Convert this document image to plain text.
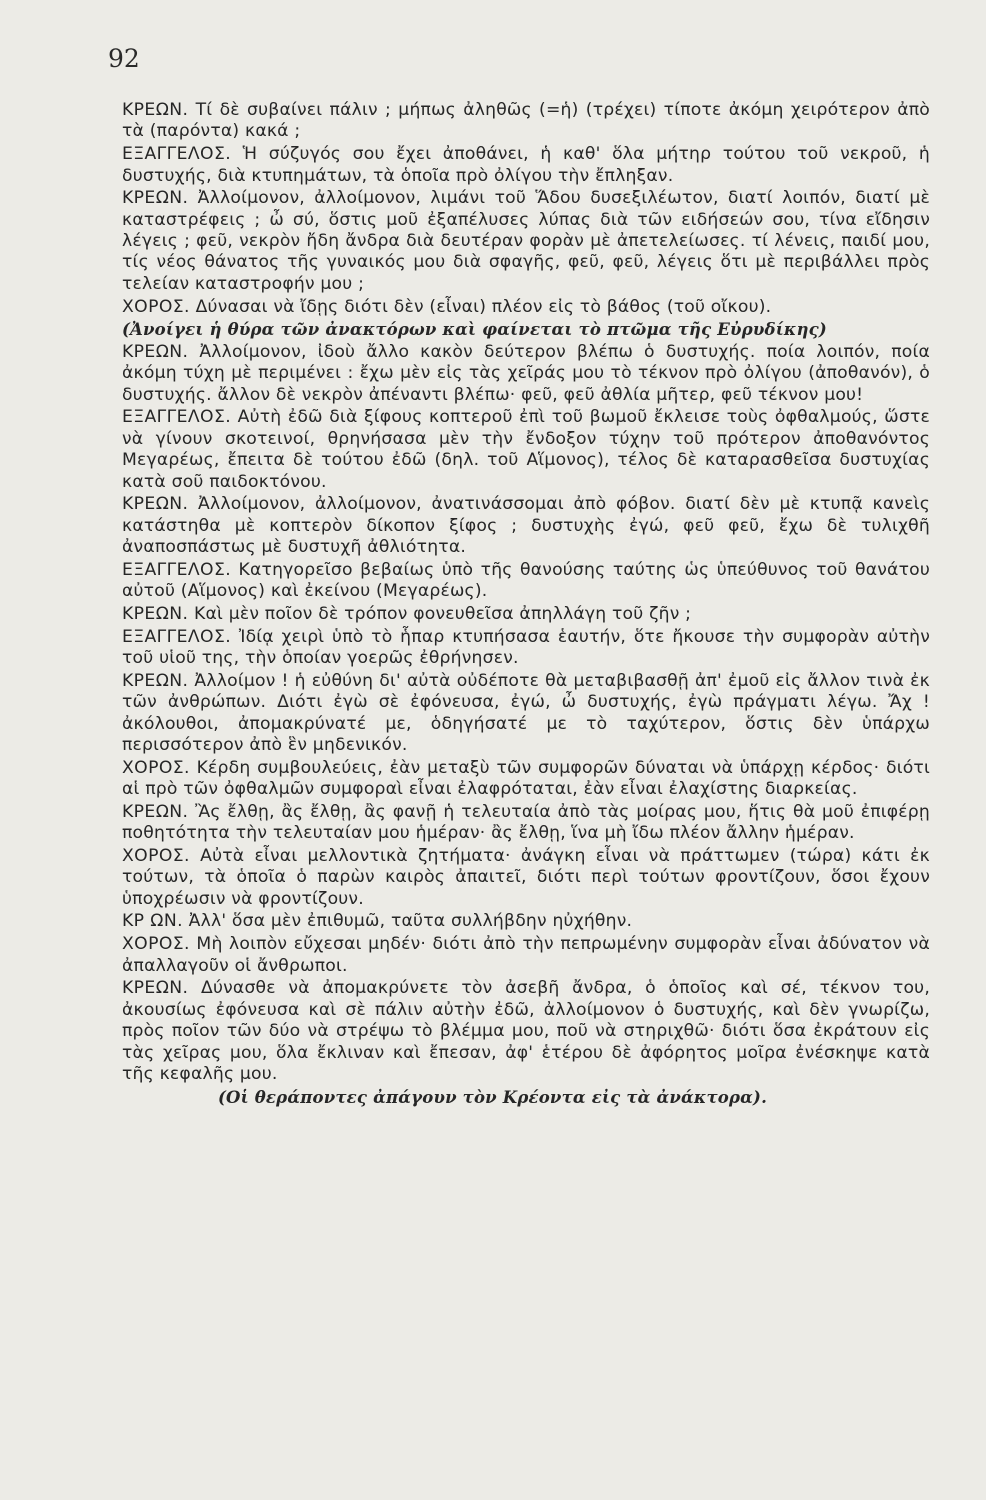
92

ΚΡΕΩΝ. Τί δὲ συβαίνει πάλιν ; μήπως ἀληθῶς (=ἡ) (τρέχει) τίποτε ἀκόμη χειρότερον ἀπὸ τὰ (παρόντα) κακά ;

ΕΞΑΓΓΕΛΟΣ. Ἡ σύζυγός σου ἔχει ἀποθάνει, ἡ καθ' ὅλα μήτηρ τούτου τοῦ νεκροῦ, ἡ δυστυχής, διὰ κτυπημάτων, τὰ ὁποῖα πρὸ ὀλίγου τὴν ἔπληξαν.

ΚΡΕΩΝ. Ἀλλοίμονον, ἀλλοίμονον, λιμάνι τοῦ Ἅδου δυσεξιλέωτον, διατί λοιπόν, διατί μὲ καταστρέφεις ; ὦ σύ, ὅστις μοῦ ἐξαπέλυσες λύπας διὰ τῶν ειδήσεών σου, τίνα εἴδησιν λέγεις ; φεῦ, νεκρὸν ἤδη ἄνδρα διὰ δευτέραν φορὰν μὲ ἀπετελείωσες. τί λένεις, παιδί μου, τίς νέος θάνατος τῆς γυναικός μου διὰ σφαγῆς, φεῦ, φεῦ, λέγεις ὅτι μὲ περιβάλλει πρὸς τελείαν καταστροφήν μου ;

ΧΟΡΟΣ. Δύνασαι νὰ ἴδῃς διότι δὲν (εἶναι) πλέον εἰς τὸ βάθος (τοῦ οἴκου).

(Ἀνοίγει ἡ θύρα τῶν ἀνακτόρων καὶ φαίνεται τὸ πτῶμα τῆς Εὐρυδίκης)

ΚΡΕΩΝ. Ἀλλοίμονον, ἰδοὺ ἄλλο κακὸν δεύτερον βλέπω ὁ δυστυχής. ποία λοιπόν, ποία ἀκόμη τύχη μὲ περιμένει : ἔχω μὲν εἰς τὰς χεῖράς μου τὸ τέκνον πρὸ ὀλίγου (ἀποθανόν), ὁ δυστυχής. ἄλλον δὲ νεκρὸν ἀπέναντι βλέπω· φεῦ, φεῦ ἀθλία μῆτερ, φεῦ τέκνον μου!

ΕΞΑΓΓΕΛΟΣ. Αὐτὴ ἐδῶ διὰ ξίφους κοπτεροῦ ἐπὶ τοῦ βωμοῦ ἔκλεισε τοὺς ὀφθαλμούς, ὥστε νὰ γίνουν σκοτεινοί, θρηνήσασα μὲν τὴν ἔνδοξον τύχην τοῦ πρότερον ἀποθανόντος Μεγαρέως, ἔπειτα δὲ τούτου ἐδῶ (δηλ. τοῦ Αἵμονος), τέλος δὲ καταρασθεῖσα δυστυχίας κατὰ σοῦ παιδοκτόνου.

ΚΡΕΩΝ. Ἀλλοίμονον, ἀλλοίμονον, ἀνατινάσσομαι ἀπὸ φόβον. διατί δὲν μὲ κτυπᾷ κανεὶς κατάστηθα μὲ κοπτερὸν δίκοπον ξίφος ; δυστυχὴς ἐγώ, φεῦ φεῦ, ἔχω δὲ τυλιχθῆ ἀναποσπάστως μὲ δυστυχῆ ἀθλιότητα.

ΕΞΑΓΓΕΛΟΣ. Κατηγορεῖσο βεβαίως ὑπὸ τῆς θανούσης ταύτης ὡς ὑπεύθυνος τοῦ θανάτου αὐτοῦ (Αἵμονος) καὶ ἐκείνου (Μεγαρέως).

ΚΡΕΩΝ. Καὶ μὲν ποῖον δὲ τρόπον φονευθεῖσα ἀπηλλάγη τοῦ ζῆν ;

ΕΞΑΓΓΕΛΟΣ. Ἰδίᾳ χειρὶ ὑπὸ τὸ ἧπαρ κτυπήσασα ἑαυτήν, ὅτε ἤκουσε τὴν συμφορὰν αὐτὴν τοῦ υἱοῦ της, τὴν ὁποίαν γοερῶς ἐθρήνησεν.

ΚΡΕΩΝ. Ἀλλοίμον ! ἡ εὐθύνη δι' αὐτὰ οὐδέποτε θὰ μεταβιβασθῇ ἀπ' ἐμοῦ εἰς ἄλλον τινὰ ἐκ τῶν ἀνθρώπων. Διότι ἐγὼ σὲ ἐφόνευσα, ἐγώ, ὦ δυστυχής, ἐγὼ πράγματι λέγω. Ἄχ ! ἀκόλουθοι, ἀπομακρύνατέ με, ὁδηγήσατέ με τὸ ταχύτερον, ὅστις δὲν ὑπάρχω περισσότερον ἀπὸ ἓν μηδενικόν.

ΧΟΡΟΣ. Κέρδη συμβουλεύεις, ἐὰν μεταξὺ τῶν συμφορῶν δύναται νὰ ὑπάρχῃ κέρδος· διότι αἱ πρὸ τῶν ὀφθαλμῶν συμφοραὶ εἶναι ἐλαφρόταται, ἐὰν εἶναι ἐλαχίστης διαρκείας.

ΚΡΕΩΝ. Ἂς ἔλθῃ, ἂς ἔλθῃ, ἂς φανῇ ἡ τελευταία ἀπὸ τὰς μοίρας μου, ἥτις θὰ μοῦ ἐπιφέρῃ ποθητότητα τὴν τελευταίαν μου ἡμέραν· ἂς ἔλθῃ, ἵνα μὴ ἴδω πλέον ἄλλην ἡμέραν.

ΧΟΡΟΣ. Αὐτὰ εἶναι μελλοντικὰ ζητήματα· ἀνάγκη εἶναι νὰ πράττωμεν (τώρα) κάτι ἐκ τούτων, τὰ ὁποῖα ὁ παρὼν καιρὸς ἀπαιτεῖ, διότι περὶ τούτων φροντίζουν, ὅσοι ἔχουν ὑποχρέωσιν νὰ φροντίζουν.

ΚΡ ΩΝ. Ἀλλ' ὅσα μὲν ἐπιθυμῶ, ταῦτα συλλήβδην ηὐχήθην.

ΧΟΡΟΣ. Μὴ λοιπὸν εὔχεσαι μηδέν· διότι ἀπὸ τὴν πεπρωμένην συμφορὰν εἶναι ἀδύνατον νὰ ἀπαλλαγοῦν οἱ ἄνθρωποι.

ΚΡΕΩΝ. Δύνασθε νὰ ἀπομακρύνετε τὸν ἀσεβῆ ἄνδρα, ὁ ὁποῖος καὶ σέ, τέκνον του, ἀκουσίως ἐφόνευσα καὶ σὲ πάλιν αὐτὴν ἐδῶ, ἀλλοίμονον ὁ δυστυχής, καὶ δὲν γνωρίζω, πρὸς ποῖον τῶν δύο νὰ στρέψω τὸ βλέμμα μου, ποῦ νὰ στηριχθῶ· διότι ὅσα ἐκράτουν εἰς τὰς χεῖρας μου, ὅλα ἔκλιναν καὶ ἔπεσαν, ἀφ' ἑτέρου δὲ ἀφόρητος μοῖρα ἐνέσκηψε κατὰ τῆς κεφαλῆς μου.

(Οἱ θεράποντες ἀπάγουν τὸν Κρέοντα εἰς τὰ ἀνάκτορα).
